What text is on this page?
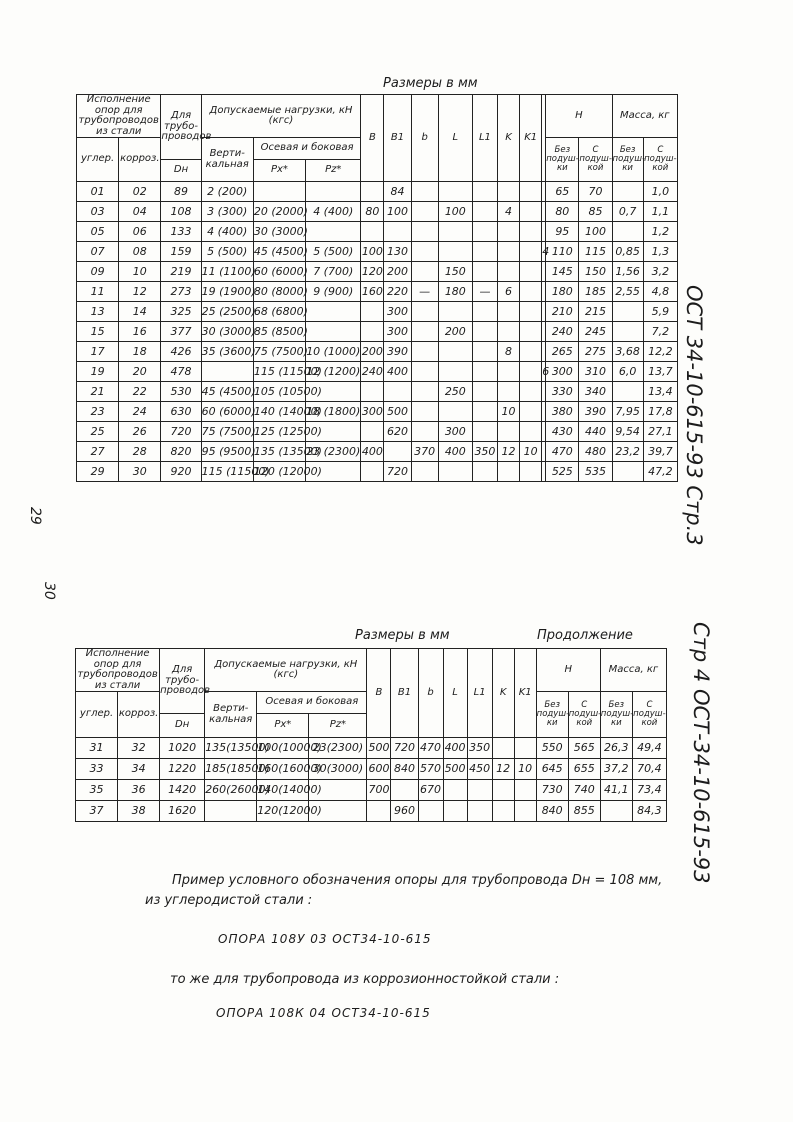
Размеры в мм
Исполнение опор для трубопроводов из стали		Для трубо-проводов	Допускаемые нагрузки, кН (кгс)			B	B1	b	L	L1	K	K1		H		Масса, кг	
углер.	корроз.		Верти-кальная	Осевая и боковая										Без подуш-ки	С подуш-кой	Без подуш-ки	С подуш-кой
		Dн		Px*	Pz*												
01	02	89	2 (200)				84							65	70		1,0
03	04	108	3 (300)	20 (2000)	4 (400)	80	100		100		4			80	85	0,7	1,1
05	06	133	4 (400)	30 (3000)										95	100		1,2
07	08	159	5 (500)	45 (4500)	5 (500)	100	130						4	110	115	0,85	1,3
09	10	219	11 (1100)	60 (6000)	7 (700)	120	200		150					145	150	1,56	3,2
11	12	273	19 (1900)	80 (8000)	9 (900)	160	220	—	180	—	6			180	185	2,55	4,8
13	14	325	25 (2500)	68 (6800)			300							210	215		5,9
15	16	377	30 (3000)	85 (8500)			300		200					240	245		7,2
17	18	426	35 (3600)	75 (7500)	10 (1000)	200	390				8			265	275	3,68	12,2
19	20	478		115 (11500)	12 (1200)	240	400						6	300	310	6,0	13,7
21	22	530	45 (4500)	105 (10500)					250					330	340		13,4
23	24	630	60 (6000)	140 (14000)	18 (1800)	300	500				10			380	390	7,95	17,8
25	26	720	75 (7500)	125 (12500)			620		300					430	440	9,54	27,1
27	28	820	95 (9500)	135 (13500)	23 (2300)	400		370	400	350	12	10		470	480	23,2	39,7
29	30	920	115 (11500)	120 (12000)			720							525	535		47,2 ОСТ 34-10-615-93 Стр.3
29
30
Стр 4 ОСТ-34-10-615-93
Размеры в мм	Продолжение
Исполнение опор для трубопроводов из стали		Для трубо-проводов	Допускаемые нагрузки, кН (кгс)			B	B1	b	L	L1	K	K1	H		Масса, кг	
углер.	корроз.		Верти-кальная	Осевая и боковая									Без подуш-ки	С подуш-кой	Без подуш-ки	С подуш-кой
		Dн		Px*	Pz*											
31	32	1020	135(13500)	100(10000)	23(2300)	500	720	470	400	350			550	565	26,3	49,4
33	34	1220	185(18500)	160(16000)	30(3000)	600	840	570	500	450	12	10	645	655	37,2	70,4
35	36	1420	260(26000)	140(14000)		700		670					730	740	41,1	73,4
37	38	1620		120(12000)			960						840	855		84,3
Пример условного обозначения опоры для трубопровода Dн = 108 мм,
из углеродистой стали :
ОПОРА 108У 03 ОСТ34-10-615
то же для трубопровода из коррозионностойкой стали :
ОПОРА 108К 04 ОСТ34-10-615
